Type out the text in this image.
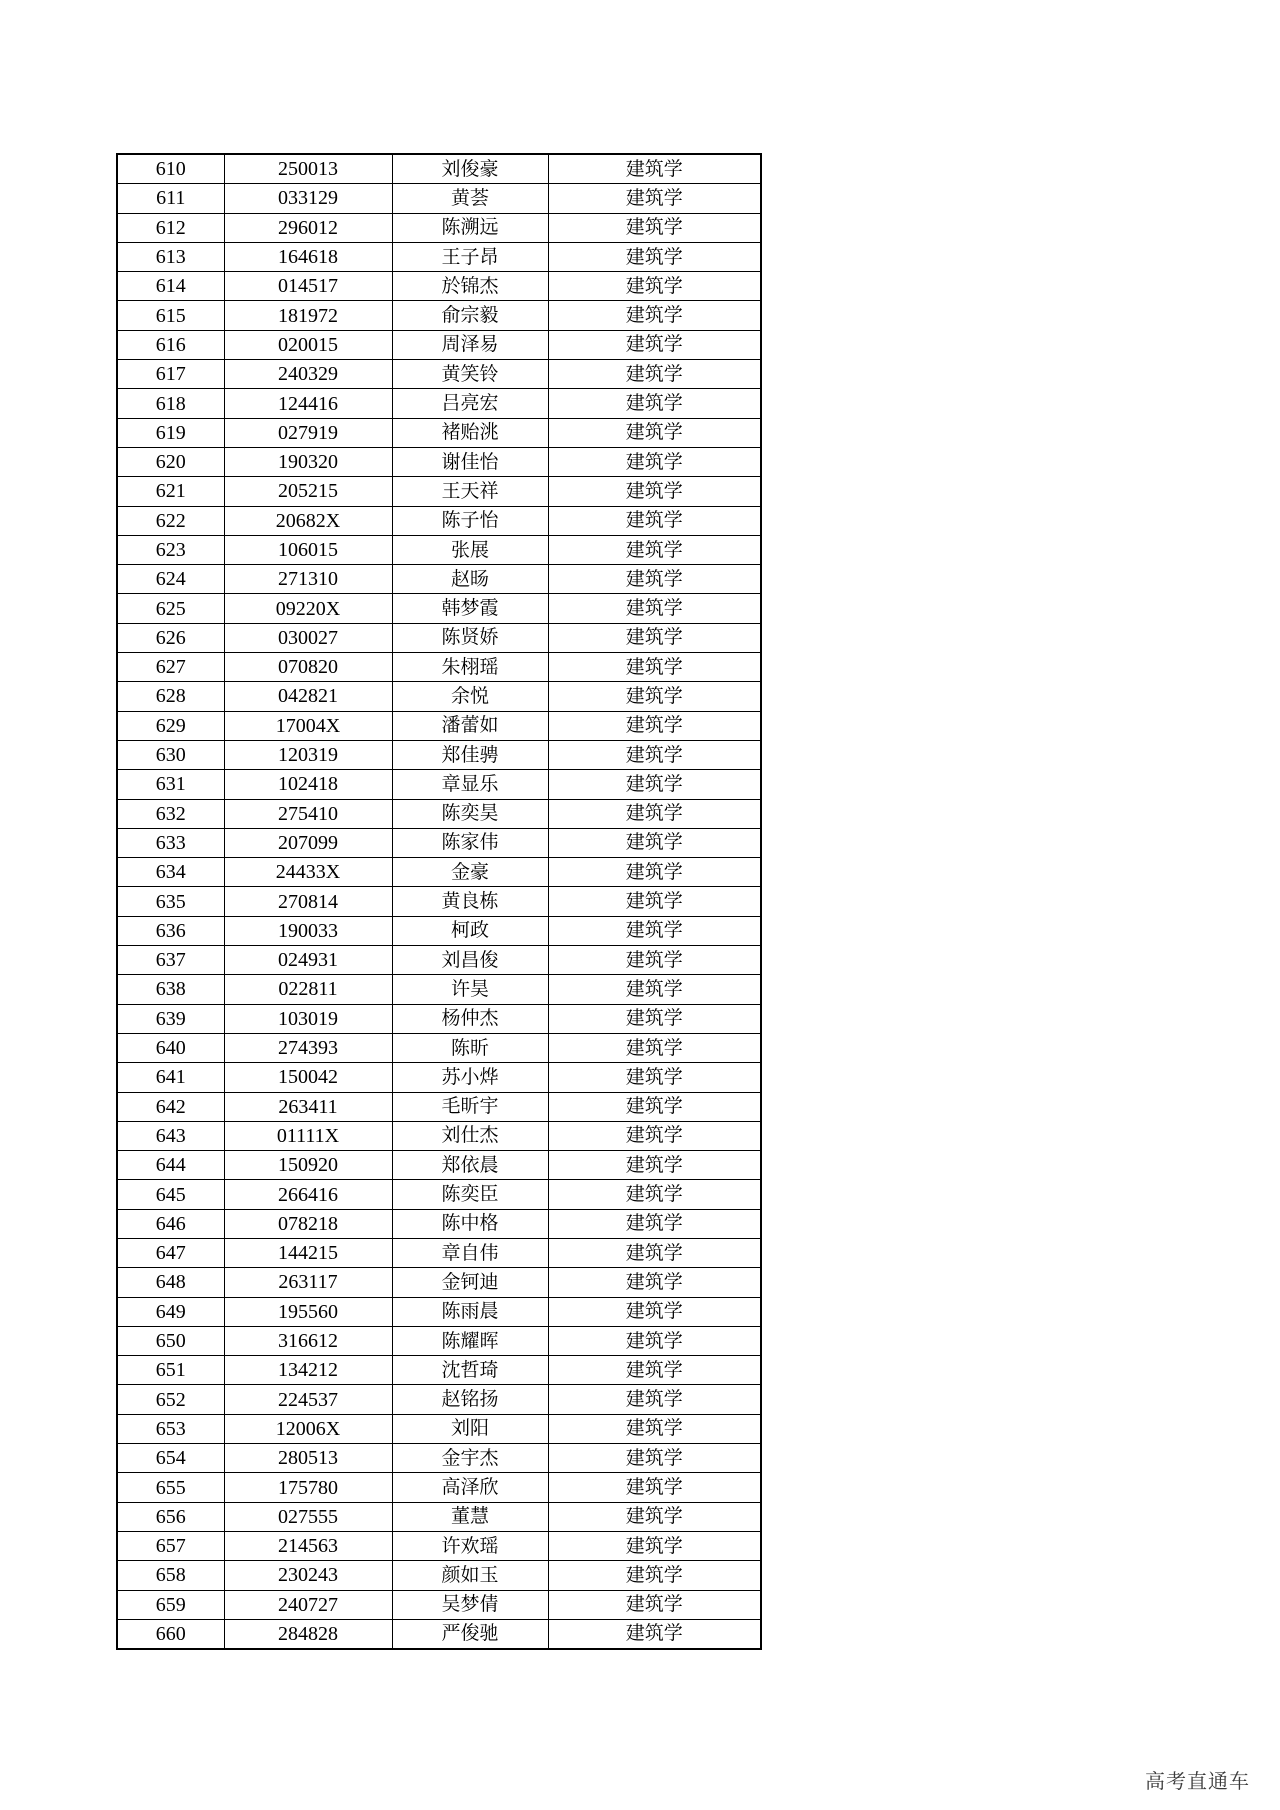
610	250013	刘俊豪	建筑学
611	033129	黄荟	建筑学
612	296012	陈溯远	建筑学
613	164618	王子昂	建筑学
614	014517	於锦杰	建筑学
615	181972	俞宗毅	建筑学
616	020015	周泽易	建筑学
617	240329	黄笑铃	建筑学
618	124416	吕亮宏	建筑学
619	027919	褚贻洮	建筑学
620	190320	谢佳怡	建筑学
621	205215	王天祥	建筑学
622	20682X	陈子怡	建筑学
623	106015	张展	建筑学
624	271310	赵旸	建筑学
625	09220X	韩梦霞	建筑学
626	030027	陈贤娇	建筑学
627	070820	朱栩瑶	建筑学
628	042821	余悦	建筑学
629	17004X	潘蕾如	建筑学
630	120319	郑佳骋	建筑学
631	102418	章显乐	建筑学
632	275410	陈奕昊	建筑学
633	207099	陈家伟	建筑学
634	24433X	金豪	建筑学
635	270814	黄良栋	建筑学
636	190033	柯政	建筑学
637	024931	刘昌俊	建筑学
638	022811	许昊	建筑学
639	103019	杨仲杰	建筑学
640	274393	陈昕	建筑学
641	150042	苏小烨	建筑学
642	263411	毛昕宇	建筑学
643	01111X	刘仕杰	建筑学
644	150920	郑依晨	建筑学
645	266416	陈奕臣	建筑学
646	078218	陈中格	建筑学
647	144215	章自伟	建筑学
648	263117	金钶迪	建筑学
649	195560	陈雨晨	建筑学
650	316612	陈耀晖	建筑学
651	134212	沈哲琦	建筑学
652	224537	赵铭扬	建筑学
653	12006X	刘阳	建筑学
654	280513	金宇杰	建筑学
655	175780	高泽欣	建筑学
656	027555	董慧	建筑学
657	214563	许欢瑶	建筑学
658	230243	颜如玉	建筑学
659	240727	吴梦倩	建筑学
660	284828	严俊驰	建筑学
高考直通车
